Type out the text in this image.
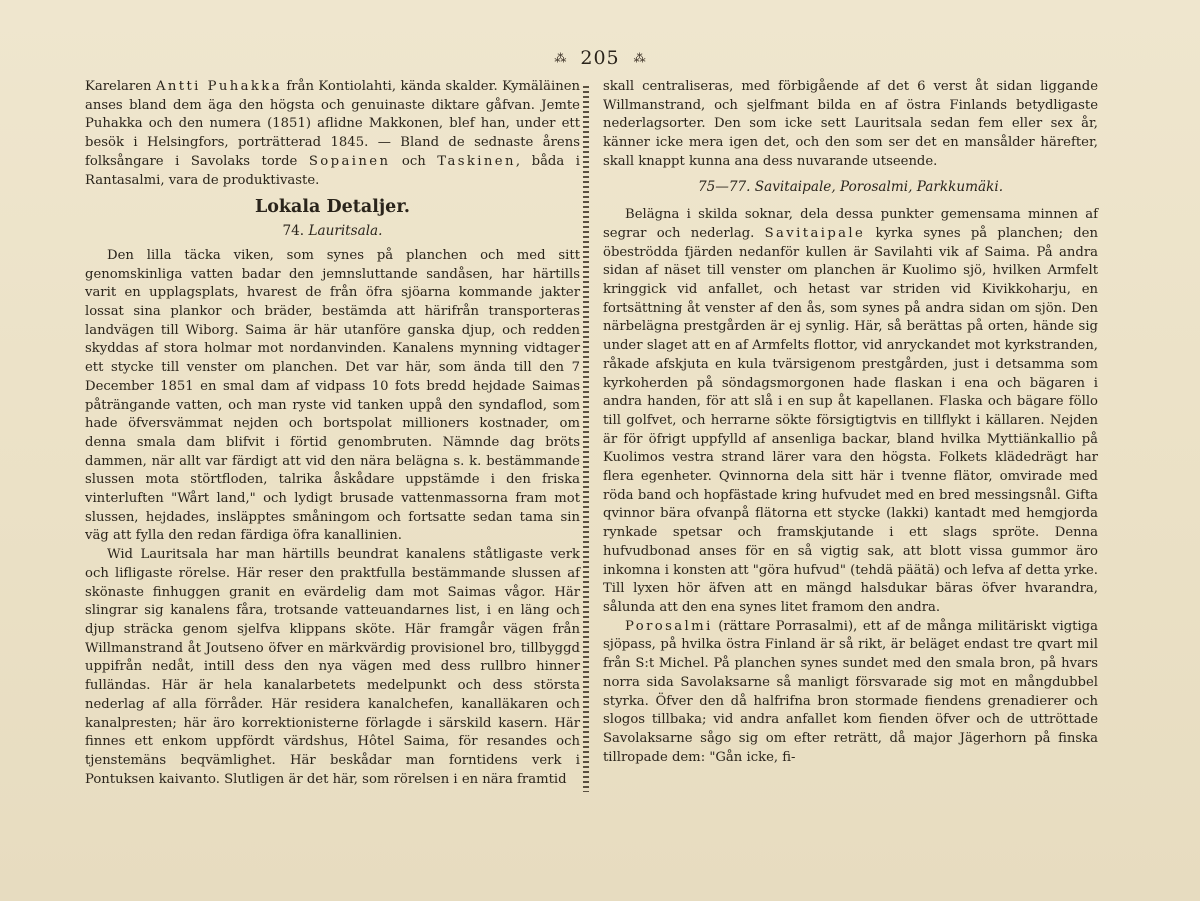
⁂ 205 ⁂

Karelaren Antti Puhakka från Kontiolahti, kända skalder. Kymäläinen anses bland dem äga den högsta och genuinaste diktare gåfvan. Jemte Puhakka och den numera (1851) aflidne Makkonen, blef han, under ett besök i Helsingfors, porträtterad 1845. — Bland de sednaste årens folksångare i Savolaks torde Sopainen och Taskinen, båda i Rantasalmi, vara de produktivaste.

Lokala Detaljer.
74. Lauritsala.

Den lilla täcka viken, som synes på planchen och med sitt genomskinliga vatten badar den jemnsluttande sandåsen, har härtills varit en upplagsplats, hvarest de från öfra sjöarna kommande jakter lossat sina plankor och bräder, bestämda att härifrån transporteras landvägen till Wiborg. Saima är här utanföre ganska djup, och redden skyddas af stora holmar mot nordanvinden. Kanalens mynning vidtager ett stycke till venster om planchen. Det var här, som ända till den 7 December 1851 en smal dam af vidpass 10 fots bredd hejdade Saimas påträngande vatten, och man ryste vid tanken uppå den syndaflod, som hade öfversvämmat nejden och bortspolat millioners kostnader, om denna smala dam blifvit i förtid genombruten. Nämnde dag bröts dammen, när allt var färdigt att vid den nära belägna s. k. bestämmande slussen mota störtfloden, talrika åskådare uppstämde i den friska vinterluften "Wårt land," och lydigt brusade vattenmassorna fram mot slussen, hejdades, insläpptes småningom och fortsatte sedan tama sin väg att fylla den redan färdiga öfra kanallinien.

Wid Lauritsala har man härtills beundrat kanalens ståtligaste verk och lifligaste rörelse. Här reser den praktfulla bestämmande slussen af skönaste finhuggen granit en evärdelig dam mot Saimas vågor. Här slingrar sig kanalens fåra, trotsande vatteuandarnes list, i en läng och djup sträcka genom sjelfva klippans sköte. Här framgår vägen från Willmanstrand åt Joutseno öfver en märkvärdig provisionel bro, tillbyggd uppifrån nedåt, intill dess den nya vägen med dess rullbro hinner fulländas. Här är hela kanalarbetets medelpunkt och dess största nederlag af alla förråder. Här residera kanalchefen, kanalläkaren och kanalpresten; här äro korrektionisterne förlagde i särskild kasern. Här finnes ett enkom uppfördt värdshus, Hôtel Saima, för resandes och tjenstemäns beqvämlighet. Här beskådar man forntidens verk i Pontuksen kaivanto. Slutligen är det här, som rörelsen i en nära framtid

skall centraliseras, med förbigående af det 6 verst åt sidan liggande Willmanstrand, och sjelfmant bilda en af östra Finlands betydligaste nederlagsorter. Den som icke sett Lauritsala sedan fem eller sex år, känner icke mera igen det, och den som ser det en mansålder härefter, skall knappt kunna ana dess nuvarande utseende.

75—77. Savitaipale, Porosalmi, Parkkumäki.

Belägna i skilda soknar, dela dessa punkter gemensama minnen af segrar och nederlag. Savitaipale kyrka synes på planchen; den öbeströdda fjärden nedanför kullen är Savilahti vik af Saima. På andra sidan af näset till venster om planchen är Kuolimo sjö, hvilken Armfelt kringgick vid anfallet, och hetast var striden vid Kivikkoharju, en fortsättning åt venster af den ås, som synes på andra sidan om sjön. Den närbelägna prestgården är ej synlig. Här, så berättas på orten, hände sig under slaget att en af Armfelts flottor, vid anryckandet mot kyrkstranden, råkade afskjuta en kula tvärsigenom prestgården, just i detsamma som kyrkoherden på söndagsmorgonen hade flaskan i ena och bägaren i andra handen, för att slå i en sup åt kapellanen. Flaska och bägare föllo till golfvet, och herrarne sökte försigtigtvis en tillflykt i källaren. Nejden är för öfrigt uppfylld af ansenliga backar, bland hvilka Myttiänkallio på Kuolimos vestra strand lärer vara den högsta. Folkets klädedrägt har flera egenheter. Qvinnorna dela sitt här i tvenne flätor, omvirade med röda band och hopfästade kring hufvudet med en bred messingsnål. Gifta qvinnor bära ofvanpå flätorna ett stycke (lakki) kantadt med hemgjorda rynkade spetsar och framskjutande i ett slags spröte. Denna hufvudbonad anses för en så vigtig sak, att blott vissa gummor äro inkomna i konsten att "göra hufvud" (tehdä päätä) och lefva af detta yrke. Till lyxen hör äfven att en mängd halsdukar bäras öfver hvarandra, sålunda att den ena synes litet framom den andra.

Porosalmi (rättare Porrasalmi), ett af de många militäriskt vigtiga sjöpass, på hvilka östra Finland är så rikt, är beläget endast tre qvart mil från S:t Michel. På planchen synes sundet med den smala bron, på hvars norra sida Savolaksarne så manligt försvarade sig mot en mångdubbel styrka. Öfver den då halfrifna bron stormade fiendens grenadierer och slogos tillbaka; vid andra anfallet kom fienden öfver och de uttröttade Savolaksarne sågo sig om efter reträtt, då major Jägerhorn på finska tillropade dem: "Gån icke, fi-
